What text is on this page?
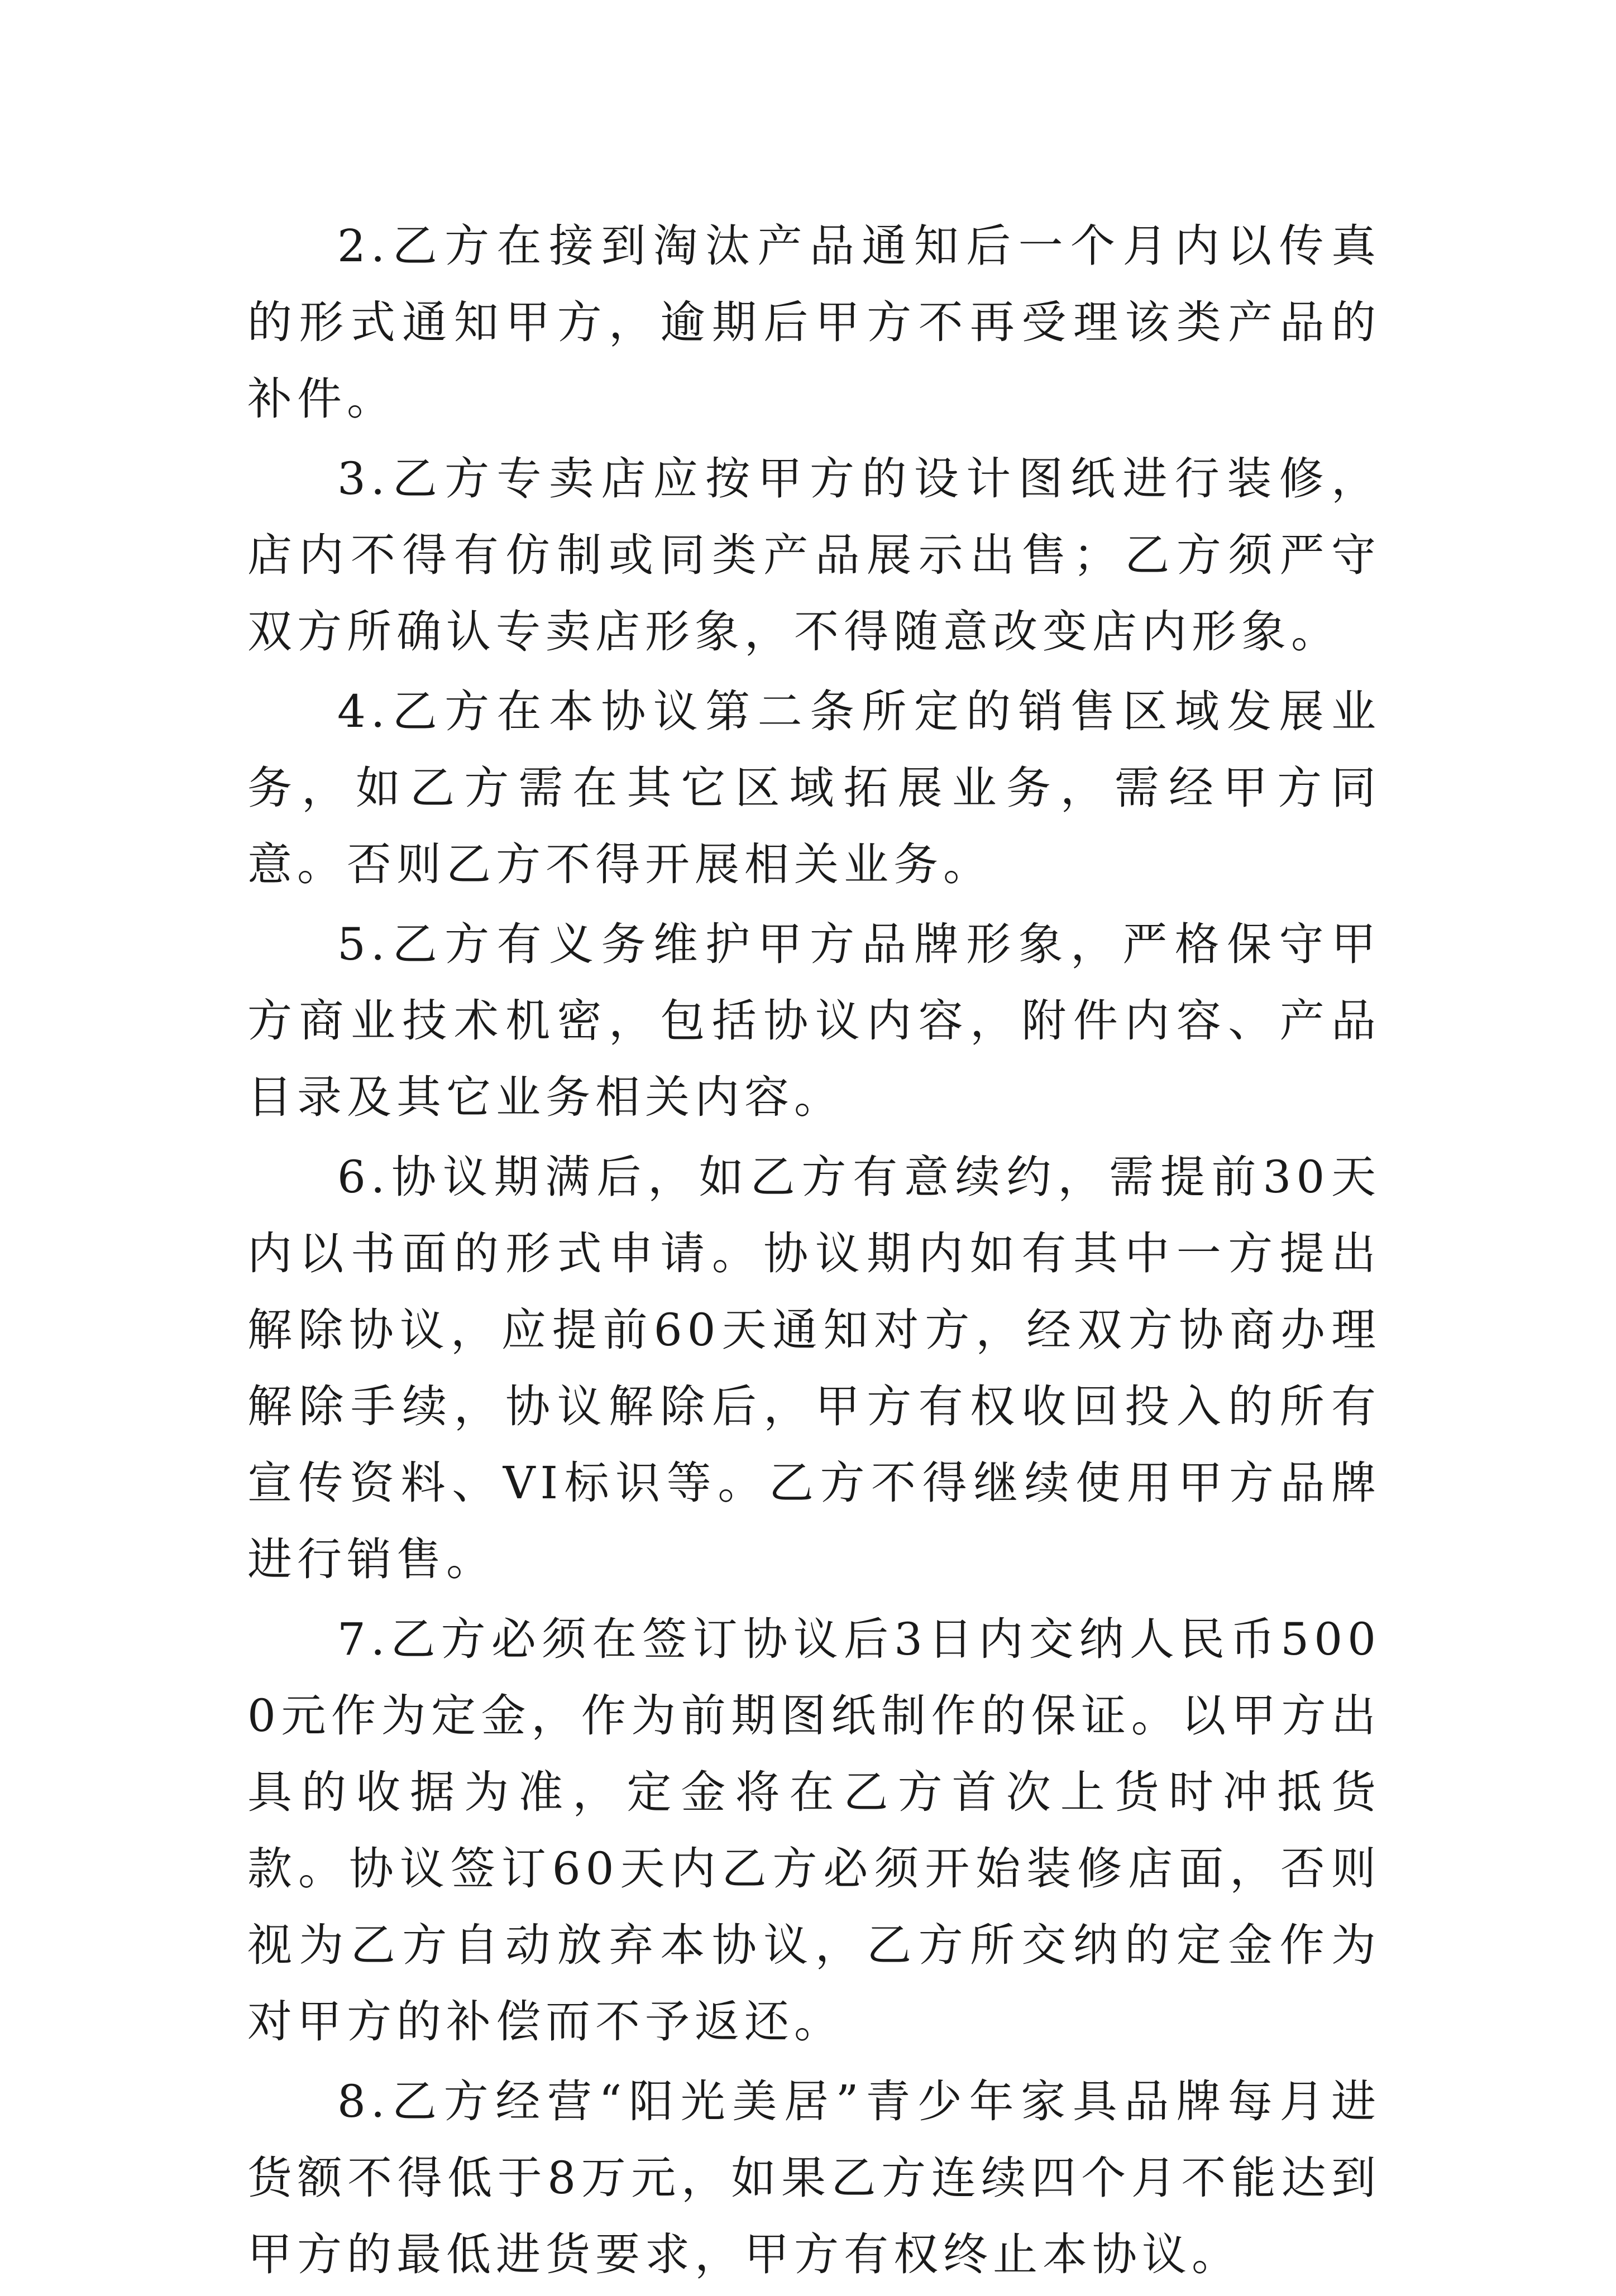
2.乙方在接到淘汰产品通知后一个月内以传真的形式通知甲方，逾期后甲方不再受理该类产品的补件。

3.乙方专卖店应按甲方的设计图纸进行装修，店内不得有仿制或同类产品展示出售；乙方须严守双方所确认专卖店形象，不得随意改变店内形象。

4.乙方在本协议第二条所定的销售区域发展业务，如乙方需在其它区域拓展业务，需经甲方同意。否则乙方不得开展相关业务。

5.乙方有义务维护甲方品牌形象，严格保守甲方商业技术机密，包括协议内容，附件内容、产品目录及其它业务相关内容。

6.协议期满后，如乙方有意续约，需提前30天内以书面的形式申请。协议期内如有其中一方提出解除协议，应提前60天通知对方，经双方协商办理解除手续，协议解除后，甲方有权收回投入的所有宣传资料、VI标识等。乙方不得继续使用甲方品牌进行销售。

7.乙方必须在签订协议后3日内交纳人民币5000元作为定金，作为前期图纸制作的保证。以甲方出具的收据为准，定金将在乙方首次上货时冲抵货款。协议签订60天内乙方必须开始装修店面，否则视为乙方自动放弃本协议，乙方所交纳的定金作为对甲方的补偿而不予返还。

8.乙方经营“阳光美居”青少年家具品牌每月进货额不得低于8万元，如果乙方连续四个月不能达到甲方的最低进货要求，甲方有权终止本协议。
